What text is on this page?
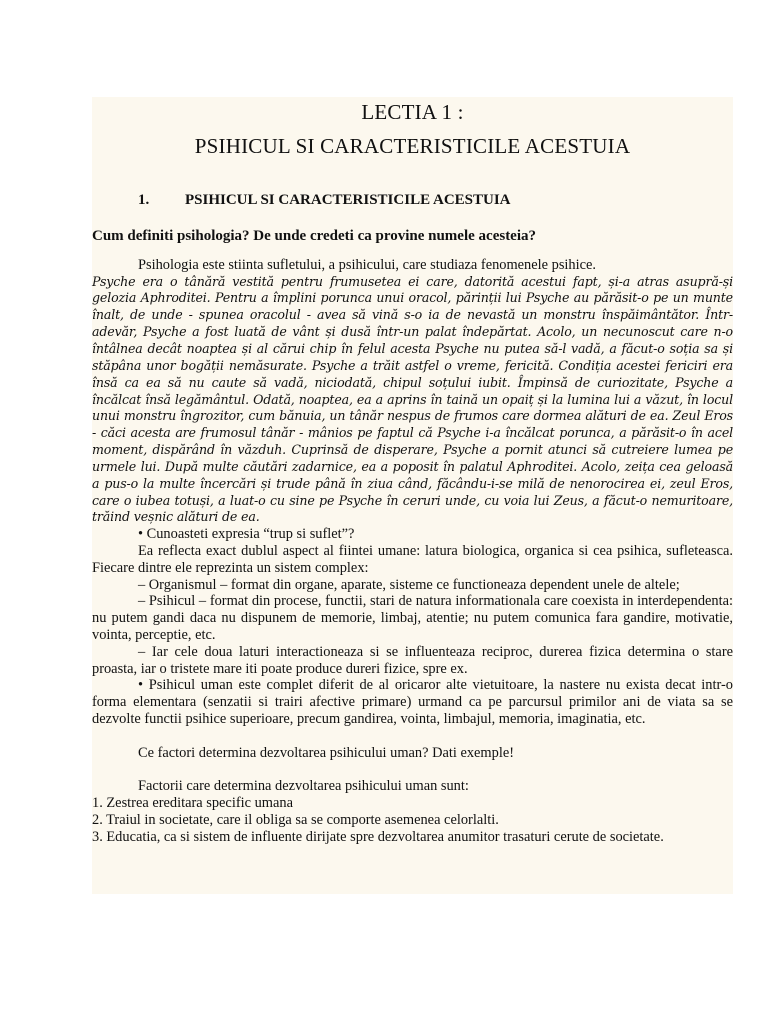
LECTIA 1 :
PSIHICUL SI CARACTERISTICILE ACESTUIA
1. PSIHICUL SI CARACTERISTICILE ACESTUIA

Cum definiti psihologia? De unde credeti ca provine numele acesteia?

Psihologia este stiinta sufletului, a psihicului, care studiaza fenomenele psihice.

Psyche era o tânără vestită pentru frumusetea ei care, datorită acestui fapt, și-a atras asupră-și gelozia Aphroditei. Pentru a împlini porunca unui oracol, părinții lui Psyche au părăsit-o pe un munte înalt, de unde - spunea oracolul - avea să vină s-o ia de nevastă un monstru înspăimântător. Într-adevăr, Psyche a fost luată de vânt și dusă într-un palat îndepărtat. Acolo, un necunoscut care n-o întâlnea decât noaptea și al cărui chip în felul acesta Psyche nu putea să-l vadă, a făcut-o soția sa și stăpâna unor bogății nemăsurate. Psyche a trăit astfel o vreme, fericită. Condiția acestei fericiri era însă ca ea să nu caute să vadă, niciodată, chipul soțului iubit. Împinsă de curiozitate, Psyche a încălcat însă legământul. Odată, noaptea, ea a aprins în taină un opaiț și la lumina lui a văzut, în locul unui monstru îngrozitor, cum bănuia, un tânăr nespus de frumos care dormea alături de ea. Zeul Eros - căci acesta are frumosul tânăr - mânios pe faptul că Psyche i-a încălcat porunca, a părăsit-o în acel moment, dispărând în văzduh. Cuprinsă de disperare, Psyche a pornit atunci să cutreiere lumea pe urmele lui. După multe căutări zadarnice, ea a poposit în palatul Aphroditei. Acolo, zeița cea geloasă a pus-o la multe încercări și trude până în ziua când, făcându-i-se milă de nenorocirea ei, zeul Eros, care o iubea totuși, a luat-o cu sine pe Psyche în ceruri unde, cu voia lui Zeus, a făcut-o nemuritoare, trăind veșnic alături de ea.

• Cunoasteti expresia “trup si suflet”?

Ea reflecta exact dublul aspect al fiintei umane: latura biologica, organica si cea psihica, sufleteasca. Fiecare dintre ele reprezinta un sistem complex:

– Organismul – format din organe, aparate, sisteme ce functioneaza dependent unele de altele;

– Psihicul – format din procese, functii, stari de natura informationala care coexista in interdependenta: nu putem gandi daca nu dispunem de memorie, limbaj, atentie; nu putem comunica fara gandire, motivatie, vointa, perceptie, etc.

– Iar cele doua laturi interactioneaza si se influenteaza reciproc, durerea fizica determina o stare proasta, iar o tristete mare iti poate produce dureri fizice, spre ex.

• Psihicul uman este complet diferit de al oricaror alte vietuitoare, la nastere nu exista decat intr-o forma elementara (senzatii si trairi afective primare) urmand ca pe parcursul primilor ani de viata sa se dezvolte functii psihice superioare, precum gandirea, vointa, limbajul, memoria, imaginatia, etc.

Ce factori determina dezvoltarea psihicului uman? Dati exemple!

Factorii care determina dezvoltarea psihicului uman sunt:

1. Zestrea ereditara specific umana

2. Traiul in societate, care il obliga sa se comporte asemenea celorlalti.

3. Educatia, ca si sistem de influente dirijate spre dezvoltarea anumitor trasaturi cerute de societate.
